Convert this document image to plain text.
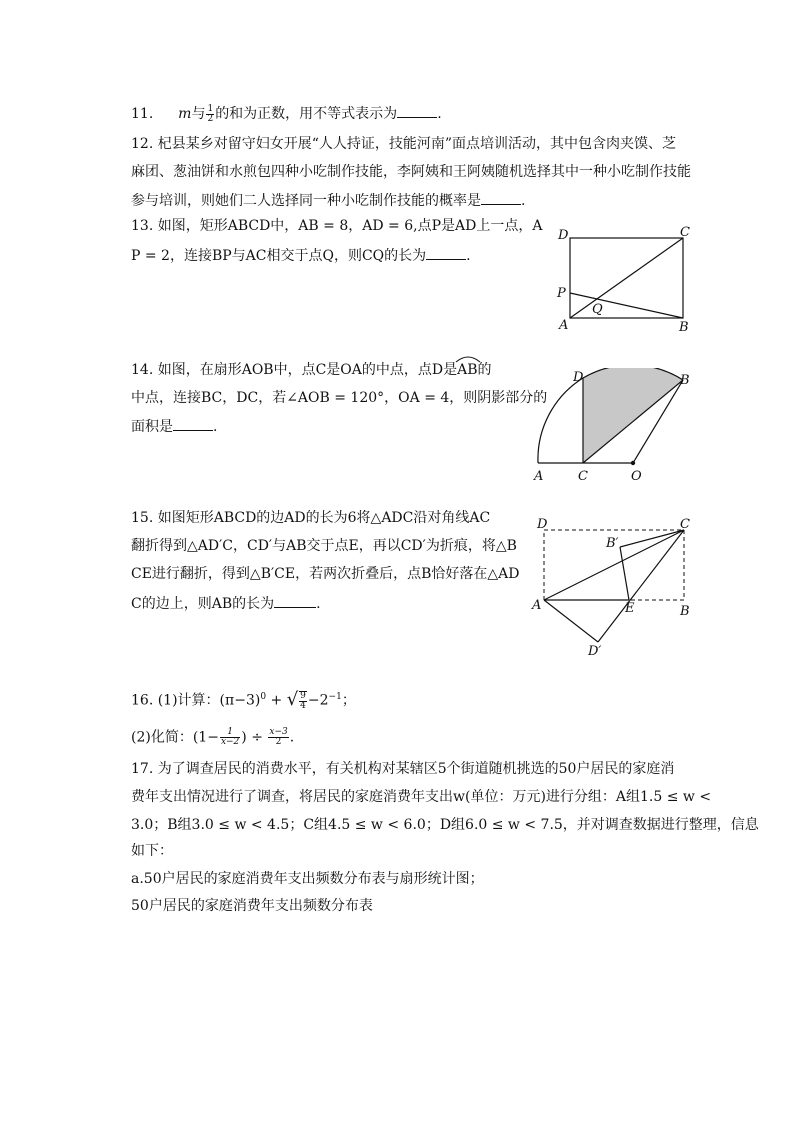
11. m与 $\frac{1}{2}$ 的和为正数，用不等式表示为	.
12. 杞县某乡对留守妇女开展“人人持证，技能河南”面点培训活动，其中包含肉夹馍、芝
麻团、葱油饼和水煎包四种小吃制作技能，李阿姨和王阿姨随机选择其中一种小吃制作技能
参与培训，则她们二人选择同一种小吃制作技能的概率是	.
13. 如图，矩形ABCD中，AB = 8，AD = 6,点P是AD上一点，A
P = 2，连接BP与AC相交于点Q，则CQ的长为	.
D	C
P
Q
A	B
14. 如图，在扇形AOB中，点C是OA的中点，点D是
AB的
中点，连接BC，DC，若∠AOB = 120°，OA = 4，则阴影部分的
面积是	.
D	B
A	C	O
15. 如图矩形ABCD的边AD的长为6将△ADC沿对角线AC
翻折得到△AD′C，CD′与AB交于点E，再以CD′为折痕，将△B
CE进行翻折，得到△B′CE，若两次折叠后，点B恰好落在△AD
C的边上，则AB的长为	.
D	C
B′
A	E	B
D′
16. (1)计算：$(\pi-3)^0$ + √ $\frac{9}{4} -2^{-1}$；
(2)化简：($1- \frac{1}{x-2}$ ) ÷ $\frac{x-3}{2}$ .
17. 为了调查居民的消费水平，有关机构对某辖区5个街道随机挑选的50户居民的家庭消
费年支出情况进行了调查，将居民的家庭消费年支出w(单位：万元)进行分组：A组1.5 ≤ w <
3.0；B组3.0 ≤ w < 4.5；C组4.5 ≤ w < 6.0；D组6.0 ≤ w < 7.5，并对调查数据进行整理，信息
如下：
a.50户居民的家庭消费年支出频数分布表与扇形统计图；
50户居民的家庭消费年支出频数分布表
